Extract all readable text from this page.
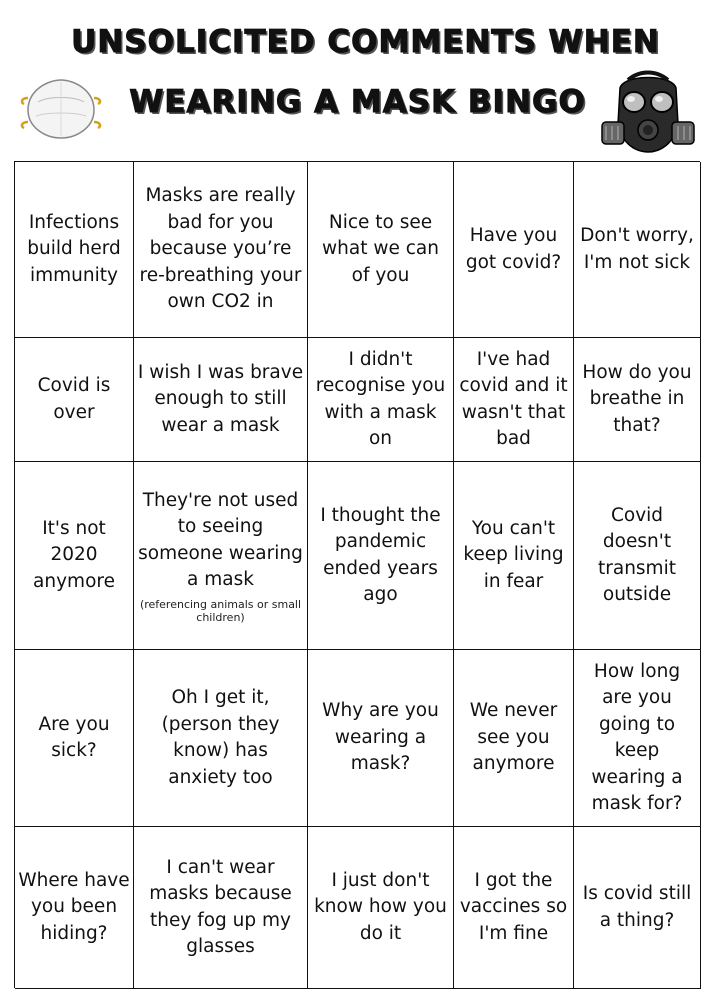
UNSOLICITED COMMENTS WHEN
WEARING A MASK BINGO
Infections build herd immunity
Masks are really bad for you because you’re re-breathing your own CO2 in
Nice to see what we can of you
Have you got covid?
Don't worry, I'm not sick
Covid is over
I wish I was brave enough to still wear a mask
I didn't recognise you with a mask on
I've had covid and it wasn't that bad
How do you breathe in that?
It's not 2020 anymore
They're not used to seeing someone wearing a mask
(referencing animals or small children)
I thought the pandemic ended years ago
You can't keep living in fear
Covid doesn't transmit outside
Are you sick?
Oh I get it, (person they know) has anxiety too
Why are you wearing a mask?
We never see you anymore
How long are you going to keep wearing a mask for?
Where have you been hiding?
I can't wear masks because they fog up my glasses
I just don't know how you do it
I got the vaccines so I'm fine
Is covid still a thing?
